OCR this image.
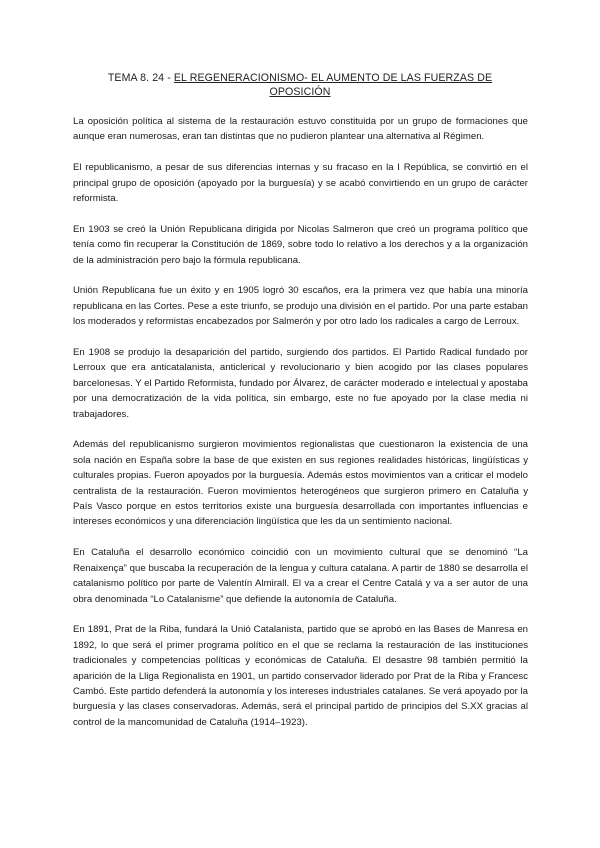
TEMA 8. 24 - EL REGENERACIONISMO- EL AUMENTO DE LAS FUERZAS DE OPOSICIÓN

La oposición política al sistema de la restauración estuvo constituida por un grupo de formaciones que aunque eran numerosas, eran tan distintas que no pudieron plantear una alternativa al Régimen.

El republicanismo, a pesar de sus diferencias internas y su fracaso en la I República, se convirtió en el principal grupo de oposición (apoyado por la burguesía) y se acabó convirtiendo en un grupo de carácter reformista.

En 1903 se creó la Unión Republicana dirigida por Nicolas Salmeron que creó un programa político que tenía como fin recuperar la Constitución de 1869, sobre todo lo relativo a los derechos y a la organización de la administración pero bajo la fórmula republicana.

Unión Republicana fue un éxito y en 1905 logró 30 escaños, era la primera vez que había una minoría republicana en las Cortes. Pese a este triunfo, se produjo una división en el partido. Por una parte estaban los moderados y reformistas encabezados por Salmerón y por otro lado los radicales a cargo de Lerroux.

En 1908 se produjo la desaparición del partido, surgiendo dos partidos. El Partido Radical fundado por Lerroux que era anticatalanista, anticlerical y revolucionario y bien acogido por las clases populares barcelonesas. Y el Partido Reformista, fundado por Álvarez, de carácter moderado e intelectual y apostaba por una democratización de la vida política, sin embargo, este no fue apoyado por la clase media ni trabajadores.

Además del republicanismo surgieron movimientos regionalistas que cuestionaron la existencia de una sola nación en España sobre la base de que existen en sus regiones realidades históricas, lingüísticas y culturales propias. Fueron apoyados por la burguesía. Además estos movimientos van a criticar el modelo centralista de la restauración. Fueron movimientos heterogéneos que surgieron primero en Cataluña y País Vasco porque en estos territorios existe una burguesía desarrollada con importantes influencias e intereses económicos y una diferenciación lingüística que les da un sentimiento nacional.

En Cataluña el desarrollo económico coincidió con un movimiento cultural que se denominó “La Renaixença” que buscaba la recuperación de la lengua y cultura catalana. A partir de 1880 se desarrolla el catalanismo político por parte de Valentín Almirall. El va a crear el Centre Catalá y va a ser autor de una obra denominada “Lo Catalanisme” que defiende la autonomía de Cataluña.

En 1891, Prat de la Riba, fundará la Unió Catalanista, partido que se aprobó en las Bases de Manresa en 1892, lo que será el primer programa político en el que se reclama la restauración de las instituciones tradicionales y competencias políticas y económicas de Cataluña. El desastre 98 también permitió la aparición de la Lliga Regionalista en 1901, un partido conservador liderado por Prat de la Riba y Francesc Cambó. Este partido defenderá la autonomía y los intereses industriales catalanes. Se verá apoyado por la burguesía y las clases conservadoras. Además, será el principal partido de principios del S.XX gracias al control de la mancomunidad de Cataluña (1914–1923).
